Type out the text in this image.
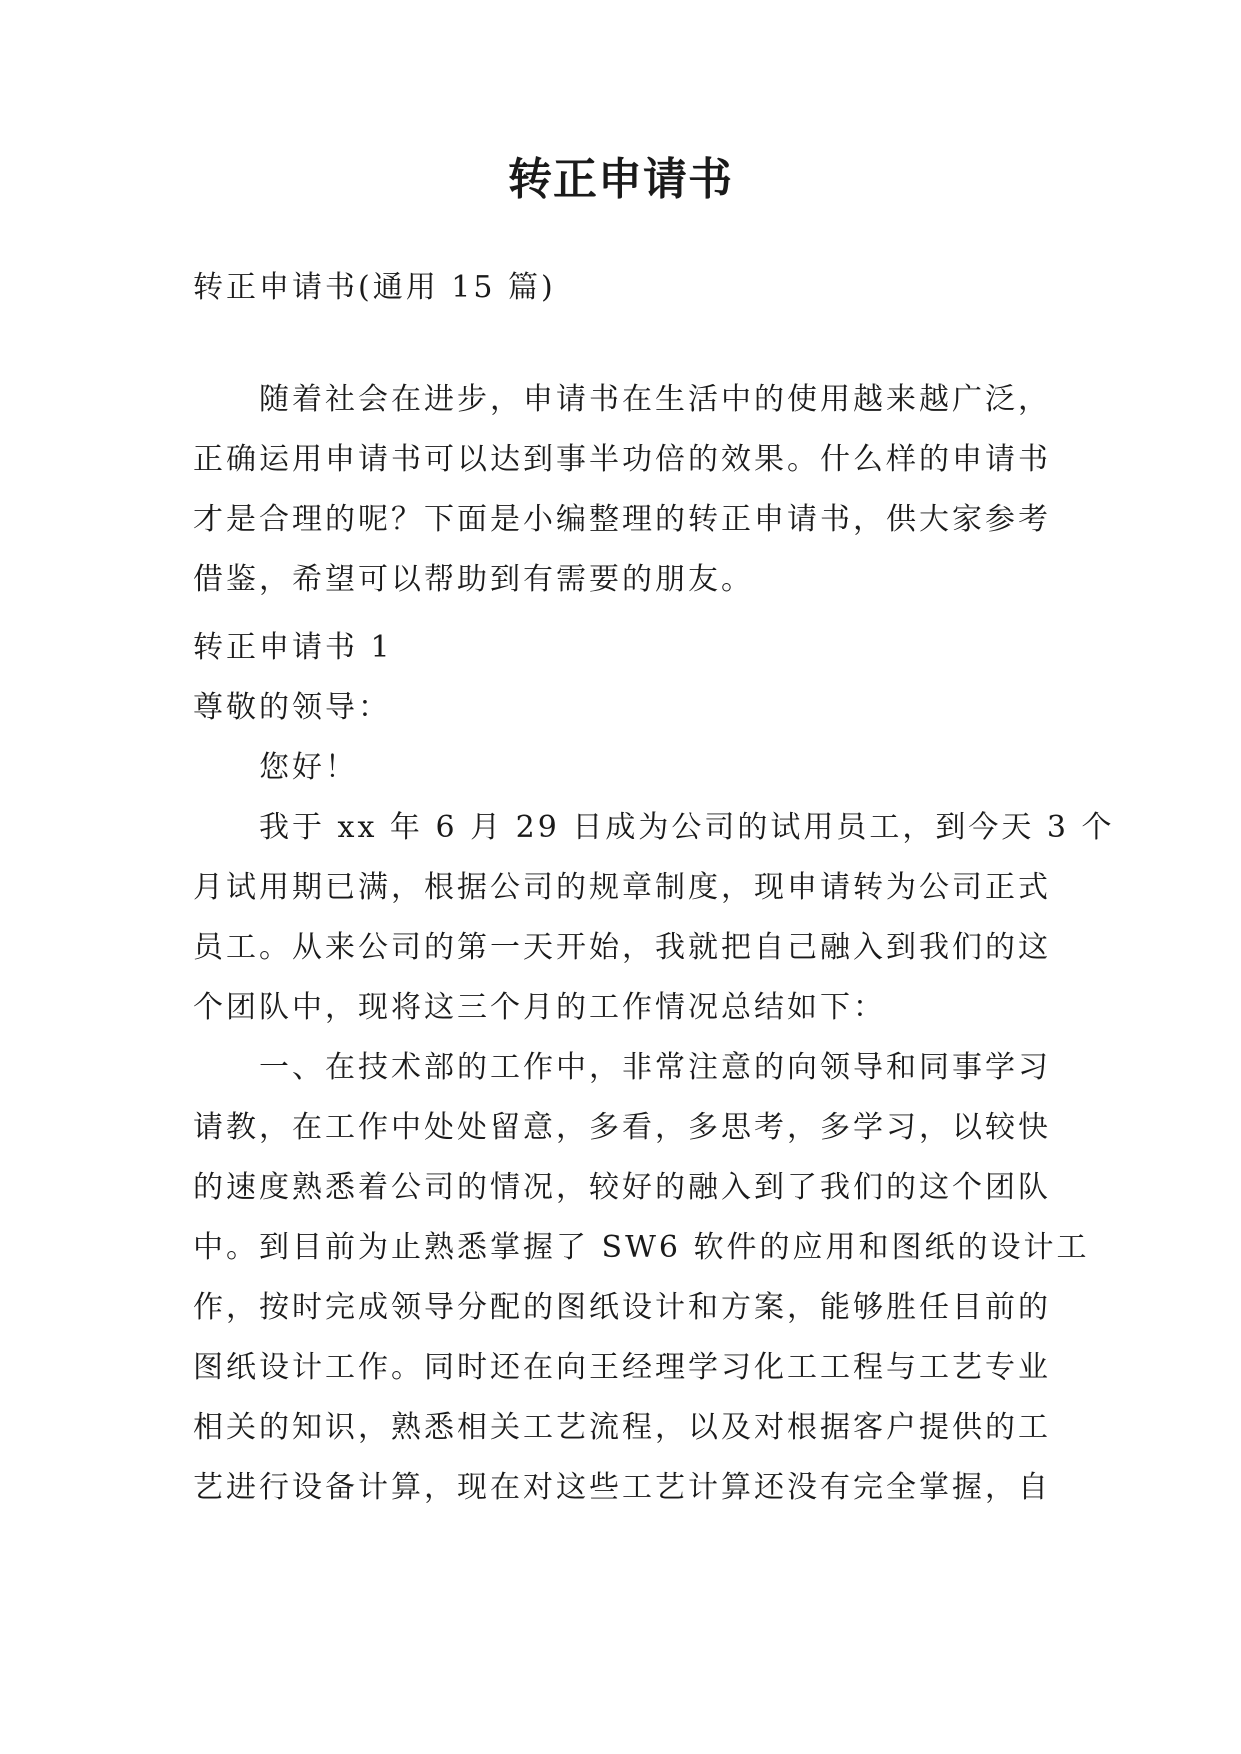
转正申请书

转正申请书(通用 15 篇)

随着社会在进步，申请书在生活中的使用越来越广泛，
正确运用申请书可以达到事半功倍的效果。什么样的申请书
才是合理的呢？下面是小编整理的转正申请书，供大家参考
借鉴，希望可以帮助到有需要的朋友。
转正申请书 1
尊敬的领导：
您好！
我于 xx 年 6 月 29 日成为公司的试用员工，到今天 3 个
月试用期已满，根据公司的规章制度，现申请转为公司正式
员工。从来公司的第一天开始，我就把自己融入到我们的这
个团队中，现将这三个月的工作情况总结如下：
一、在技术部的工作中，非常注意的向领导和同事学习
请教，在工作中处处留意，多看，多思考，多学习，以较快
的速度熟悉着公司的情况，较好的融入到了我们的这个团队
中。到目前为止熟悉掌握了 SW6 软件的应用和图纸的设计工
作，按时完成领导分配的图纸设计和方案，能够胜任目前的
图纸设计工作。同时还在向王经理学习化工工程与工艺专业
相关的知识，熟悉相关工艺流程，以及对根据客户提供的工
艺进行设备计算，现在对这些工艺计算还没有完全掌握，自
